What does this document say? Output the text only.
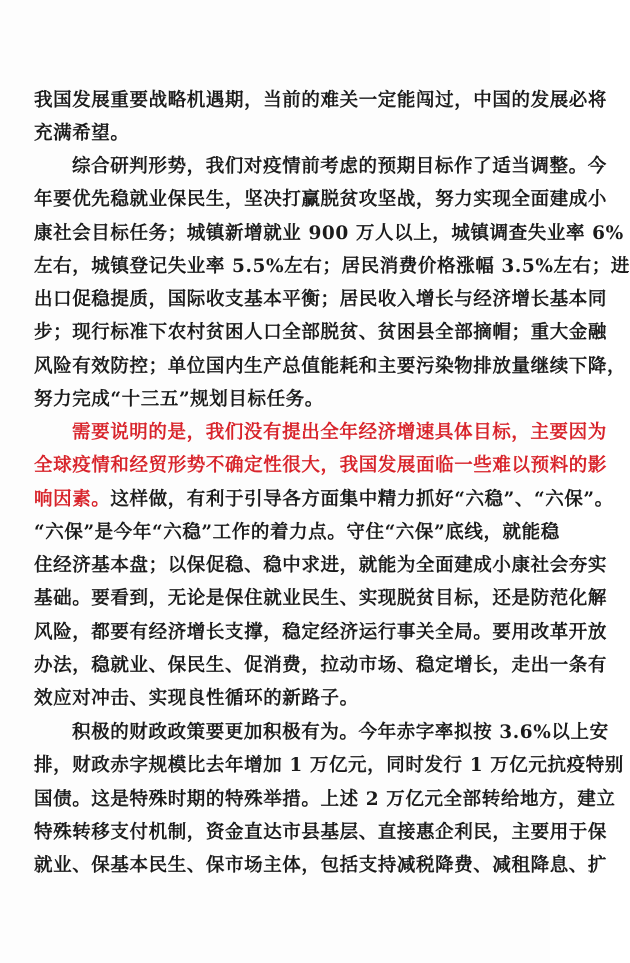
我国发展重要战略机遇期，当前的难关一定能闯过，中国的发展必将
充满希望。
综合研判形势，我们对疫情前考虑的预期目标作了适当调整。今
年要优先稳就业保民生，坚决打赢脱贫攻坚战，努力实现全面建成小
康社会目标任务；城镇新增就业 900 万人以上，城镇调查失业率 6%
左右，城镇登记失业率 5.5%左右；居民消费价格涨幅 3.5%左右；进
出口促稳提质，国际收支基本平衡；居民收入增长与经济增长基本同
步；现行标准下农村贫困人口全部脱贫、贫困县全部摘帽；重大金融
风险有效防控；单位国内生产总值能耗和主要污染物排放量继续下降，
努力完成“十三五”规划目标任务。
需要说明的是，我们没有提出全年经济增速具体目标，主要因为
全球疫情和经贸形势不确定性很大，我国发展面临一些难以预料的影
响因素。这样做，有利于引导各方面集中精力抓好“六稳”、“六保”。
“六保”是今年“六稳”工作的着力点。守住“六保”底线，就能稳
住经济基本盘；以保促稳、稳中求进，就能为全面建成小康社会夯实
基础。要看到，无论是保住就业民生、实现脱贫目标，还是防范化解
风险，都要有经济增长支撑，稳定经济运行事关全局。要用改革开放
办法，稳就业、保民生、促消费，拉动市场、稳定增长，走出一条有
效应对冲击、实现良性循环的新路子。
积极的财政政策要更加积极有为。今年赤字率拟按 3.6%以上安
排，财政赤字规模比去年增加 1 万亿元，同时发行 1 万亿元抗疫特别
国债。这是特殊时期的特殊举措。上述 2 万亿元全部转给地方，建立
特殊转移支付机制，资金直达市县基层、直接惠企利民，主要用于保
就业、保基本民生、保市场主体，包括支持减税降费、减租降息、扩
